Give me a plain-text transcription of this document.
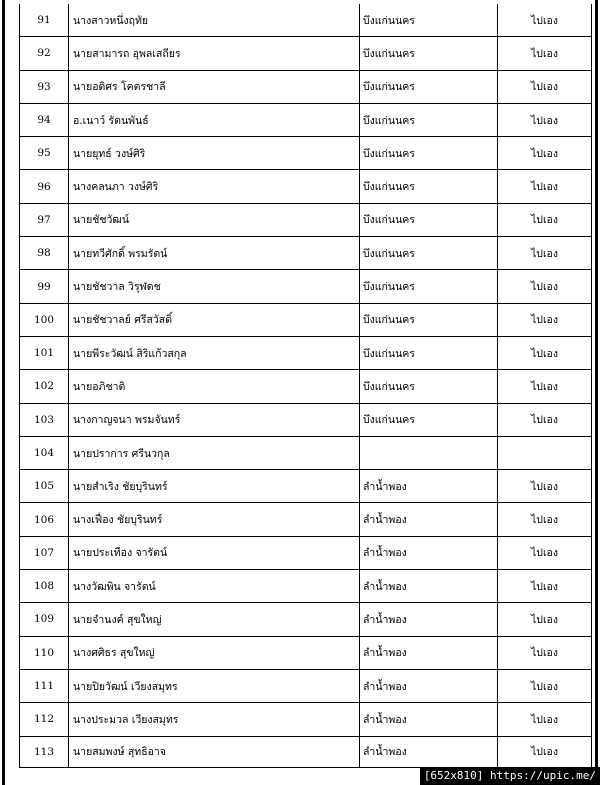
91	นางสาวหนึ่งฤทัย	บึงแก่นนคร	ไปเอง
92	นายสามารถ อุพลเสถียร	บึงแก่นนคร	ไปเอง
93	นายอดิศร โคตรชาลี	บึงแก่นนคร	ไปเอง
94	อ.เนาว์ รัตนพันธ์	บึงแก่นนคร	ไปเอง
95	นายยุทธ์ วงษ์ศิริ	บึงแก่นนคร	ไปเอง
96	นางคลนภา วงษ์ศิริ	บึงแก่นนคร	ไปเอง
97	นายชัชวัฒน์	บึงแก่นนคร	ไปเอง
98	นายทวีศักดิ์ พรมรัตน์	บึงแก่นนคร	ไปเอง
99	นายชัชวาล วิรุฬดช	บึงแก่นนคร	ไปเอง
100	นายชัชวาลย์ ศรีสวัสดิ์	บึงแก่นนคร	ไปเอง
101	นายพีระวัฒน์ สิริแก้วสกุล	บึงแก่นนคร	ไปเอง
102	นายอภิชาติ	บึงแก่นนคร	ไปเอง
103	นางกาญจนา พรมจันทร์	บึงแก่นนคร	ไปเอง
104	นายปราการ ศรีนวกุล		
105	นายสำเริง ชัยบุรินทร์	ลำน้ำพอง	ไปเอง
106	นางเฟื่อง ชัยบุรินทร์	ลำน้ำพอง	ไปเอง
107	นายประเทือง จารัตน์	ลำน้ำพอง	ไปเอง
108	นางวัฒพิน จารัตน์	ลำน้ำพอง	ไปเอง
109	นายจำนงค์ สุขใหญ่	ลำน้ำพอง	ไปเอง
110	นางศศิธร สุขใหญ่	ลำน้ำพอง	ไปเอง
111	นายปิยวัฒน์ เวียงสมุทร	ลำน้ำพอง	ไปเอง
112	นางประมวล เวียงสมุทร	ลำน้ำพอง	ไปเอง
113	นายสมพงษ์ สุทธิอาจ	ลำน้ำพอง	ไปเอง
[652x810] https://upic.me/
